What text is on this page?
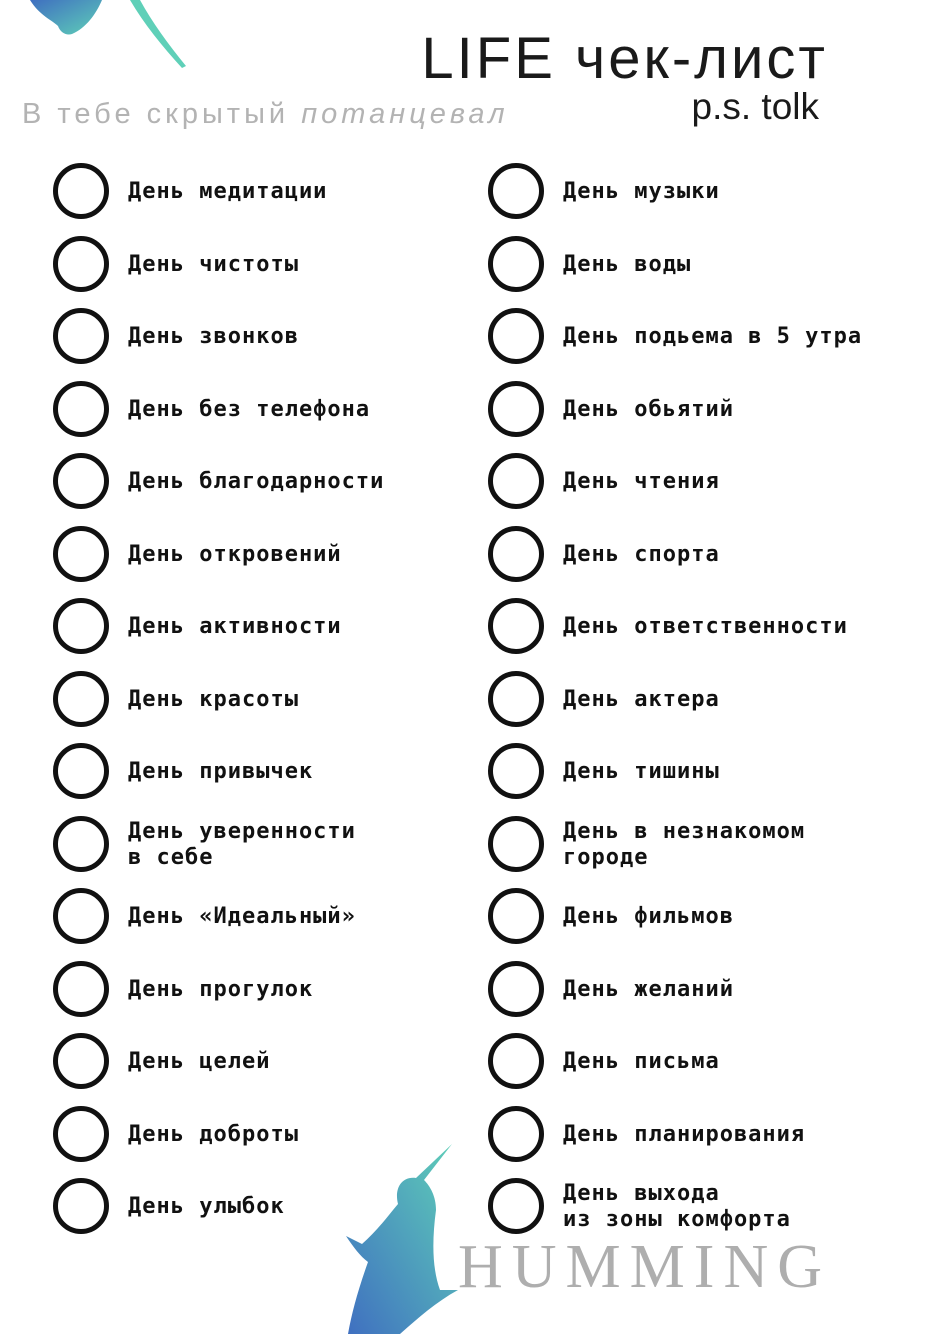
LIFE чек-лист
p.s. tolk
В тебе скрытый потанцевал
День медитации
День чистоты
День звонков
День без телефона
День благодарности
День откровений
День активности
День красоты
День привычек
День уверенности
в себе
День «Идеальный»
День прогулок
День целей
День доброты
День улыбок
День музыки
День воды
День подьема в 5 утра
День обьятий
День чтения
День спорта
День ответственности
День актера
День тишины
День в незнакомом
городе
День фильмов
День желаний
День письма
День планирования
День выхода
из зоны комфорта
HUMMING
